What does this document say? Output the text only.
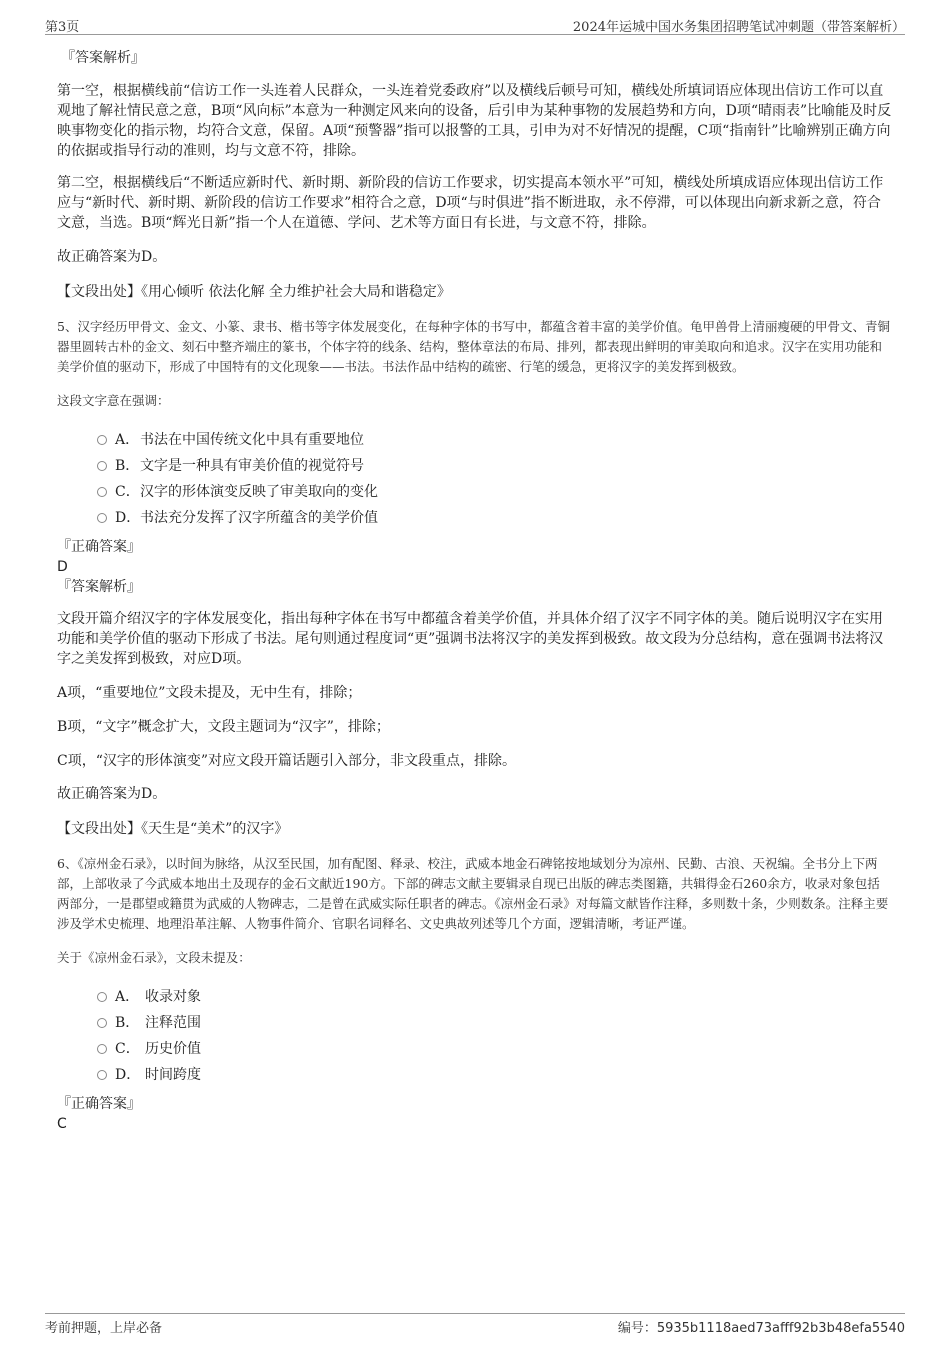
第3页	2024年运城中国水务集团招聘笔试冲刺题（带答案解析）

『答案解析』

第一空，根据横线前“信访工作一头连着人民群众，一头连着党委政府”以及横线后顿号可知，横线处所填词语应体现出信访工作可以直观地了解社情民意之意，B项“风向标”本意为一种测定风来向的设备，后引申为某种事物的发展趋势和方向，D项“晴雨表”比喻能及时反映事物变化的指示物，均符合文意，保留。A项“预警器”指可以报警的工具，引申为对不好情况的提醒，C项“指南针”比喻辨别正确方向的依据或指导行动的准则，均与文意不符，排除。

第二空，根据横线后“不断适应新时代、新时期、新阶段的信访工作要求，切实提高本领水平”可知，横线处所填成语应体现出信访工作应与“新时代、新时期、新阶段的信访工作要求”相符合之意，D项“与时俱进”指不断进取，永不停滞，可以体现出向新求新之意，符合文意，当选。B项“辉光日新”指一个人在道德、学问、艺术等方面日有长进，与文意不符，排除。

故正确答案为D。

【文段出处】《用心倾听 依法化解 全力维护社会大局和谐稳定》

5、汉字经历甲骨文、金文、小篆、隶书、楷书等字体发展变化，在每种字体的书写中，都蕴含着丰富的美学价值。龟甲兽骨上清丽瘦硬的甲骨文、青铜器里圆转古朴的金文、刻石中整齐端庄的篆书，个体字符的线条、结构，整体章法的布局、排列，都表现出鲜明的审美取向和追求。汉字在实用功能和美学价值的驱动下，形成了中国特有的文化现象——书法。书法作品中结构的疏密、行笔的缓急，更将汉字的美发挥到极致。

这段文字意在强调：

A．书法在中国传统文化中具有重要地位
B．文字是一种具有审美价值的视觉符号
C．汉字的形体演变反映了审美取向的变化
D．书法充分发挥了汉字所蕴含的美学价值

『正确答案』

D

『答案解析』

文段开篇介绍汉字的字体发展变化，指出每种字体在书写中都蕴含着美学价值，并具体介绍了汉字不同字体的美。随后说明汉字在实用功能和美学价值的驱动下形成了书法。尾句则通过程度词“更”强调书法将汉字的美发挥到极致。故文段为分总结构，意在强调书法将汉字之美发挥到极致，对应D项。

A项，“重要地位”文段未提及，无中生有，排除；

B项，“文字”概念扩大，文段主题词为“汉字”，排除；

C项，“汉字的形体演变”对应文段开篇话题引入部分，非文段重点，排除。

故正确答案为D。

【文段出处】《天生是“美术”的汉字》

6、《凉州金石录》，以时间为脉络，从汉至民国，加有配图、释录、校注，武威本地金石碑铭按地域划分为凉州、民勤、古浪、天祝编。全书分上下两部，上部收录了今武威本地出土及现存的金石文献近190方。下部的碑志文献主要辑录自现已出版的碑志类图籍，共辑得金石260余方，收录对象包括两部分，一是郡望或籍贯为武威的人物碑志，二是曾在武威实际任职者的碑志。《凉州金石录》对每篇文献皆作注释，多则数十条，少则数条。注释主要涉及学术史梳理、地理沿革注解、人物事件简介、官职名词释名、文史典故列述等几个方面，逻辑清晰，考证严谨。

关于《凉州金石录》，文段未提及：

A． 收录对象
B． 注释范围
C． 历史价值
D． 时间跨度

『正确答案』

C

考前押题，上岸必备	编号：5935b1118aed73afff92b3b48efa5540
